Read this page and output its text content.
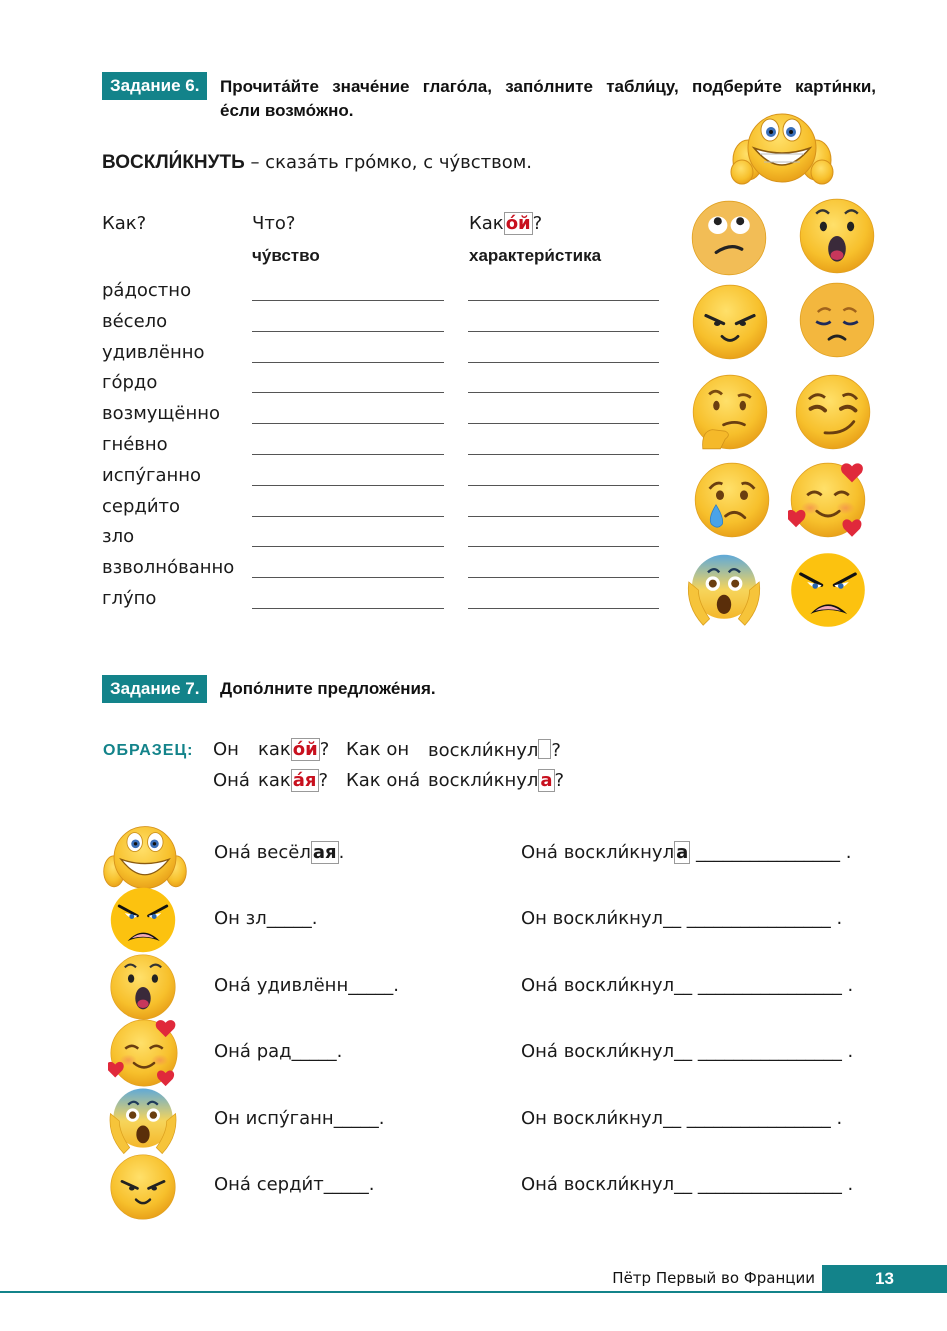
Задание 6.	Прочита́йте значе́ние глаго́ла, запо́лните табли́цу, подбери́те карти́нки,
е́сли возмо́жно.
ВОСКЛИ́КНУТЬ – сказа́ть гро́мко, с чу́вством.
Как?	Что?	Как о́й ?
чу́вство	характери́стика
ра́достно
ве́село
удивлённо
го́рдо
возмущённо
гне́вно
испу́ганно
серди́то
зло
взволно́ванно
глу́по
Задание 7.	Допо́лните предложе́ния.
ОБРАЗЕЦ: Он как о́й ? Как он воскли́кнул ?
Она́ как а́я ? Как она́ воскли́кнул а ?
Она́ весёл ая .	Она́ воскли́кнул а ________________ .
Он зл_____.	Он воскли́кнул__ ________________ .
Она́ удивлённ_____.	Она́ воскли́кнул__ ________________ .
Она́ рад_____.	Она́ воскли́кнул__ ________________ .
Он испу́ганн_____.	Он воскли́кнул__ ________________ .
Она́ серди́т_____.	Она́ воскли́кнул__ ________________ .
Пётр Первый во Франции	13
